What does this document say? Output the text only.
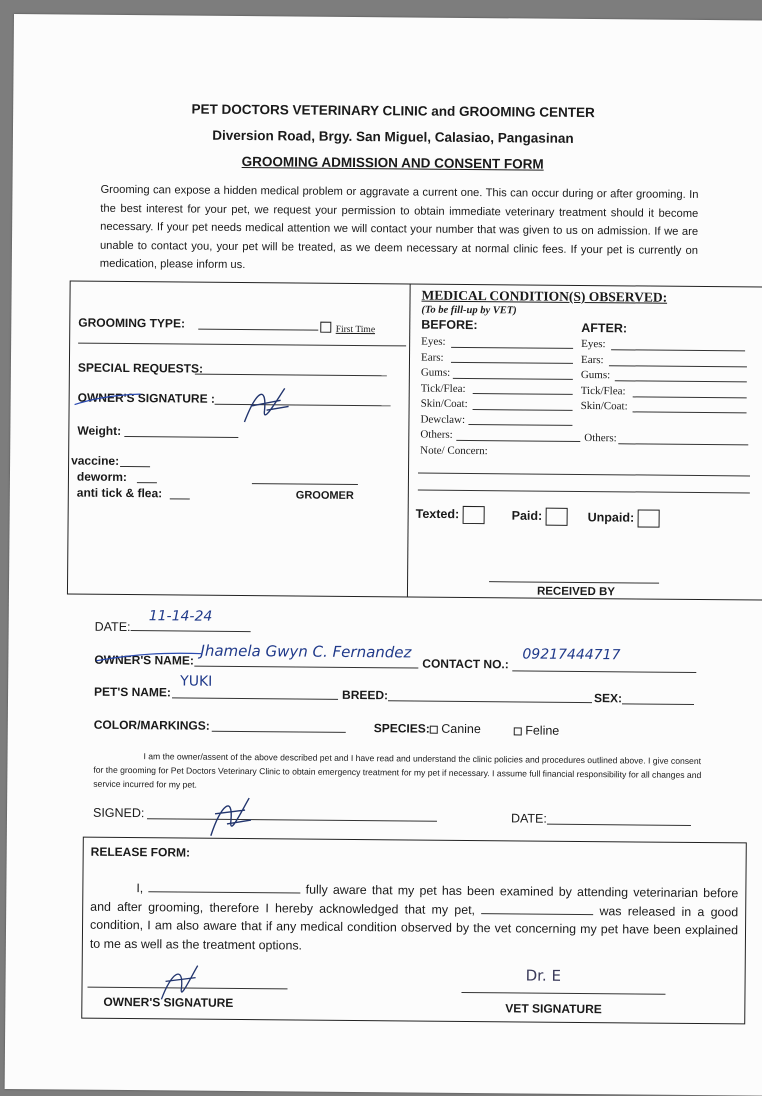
PET DOCTORS VETERINARY CLINIC and GROOMING CENTER
Diversion Road, Brgy. San Miguel, Calasiao, Pangasinan
GROOMING ADMISSION AND CONSENT FORM
Grooming can expose a hidden medical problem or aggravate a current one. This can occur during or after grooming. In the best interest for your pet, we request your permission to obtain immediate veterinary treatment should it become necessary. If your pet needs medical attention we will contact your number that was given to us on admission. If we are unable to contact you, your pet will be treated, as we deem necessary at normal clinic fees. If your pet is currently on medication, please inform us.
GROOMING TYPE:	First Time
SPECIAL REQUESTS:
OWNER'S SIGNATURE :
Weight:
vaccine:
deworm:
anti tick & flea:	GROOMER
MEDICAL CONDITION(S) OBSERVED:
(To be fill-up by VET)
BEFORE:	AFTER:
Eyes:
Ears:
Gums:
Tick/Flea:
Skin/Coat:
Dewclaw:
Others:
Note/ Concern:
Eyes:
Ears:
Gums:
Tick/Flea:
Skin/Coat:
Others:
Texted:	Paid:	Unpaid:
RECEIVED BY
DATE:
11-14-24
OWNER'S NAME: Jhamela Gwyn C. Fernandez
CONTACT NO.:
09217444717
PET'S NAME:
YUKI
BREED:	SEX:
COLOR/MARKINGS:	SPECIES: Canine	Feline
I am the owner/assent of the above described pet and I have read and understand the clinic policies and procedures outlined above. I give consent for the grooming for Pet Doctors Veterinary Clinic to obtain emergency treatment for my pet if necessary. I assume full financial responsibility for all changes and service incurred for my pet.
SIGNED:	DATE:
RELEASE FORM:
I,	fully aware that my pet has been examined by attending veterinarian before and after grooming, therefore I hereby acknowledged that my pet,	was released in a good condition, I am also aware that if any medical condition observed by the vet concerning my pet have been explained to me as well as the treatment options.
OWNER'S SIGNATURE
Dr. E
VET SIGNATURE
